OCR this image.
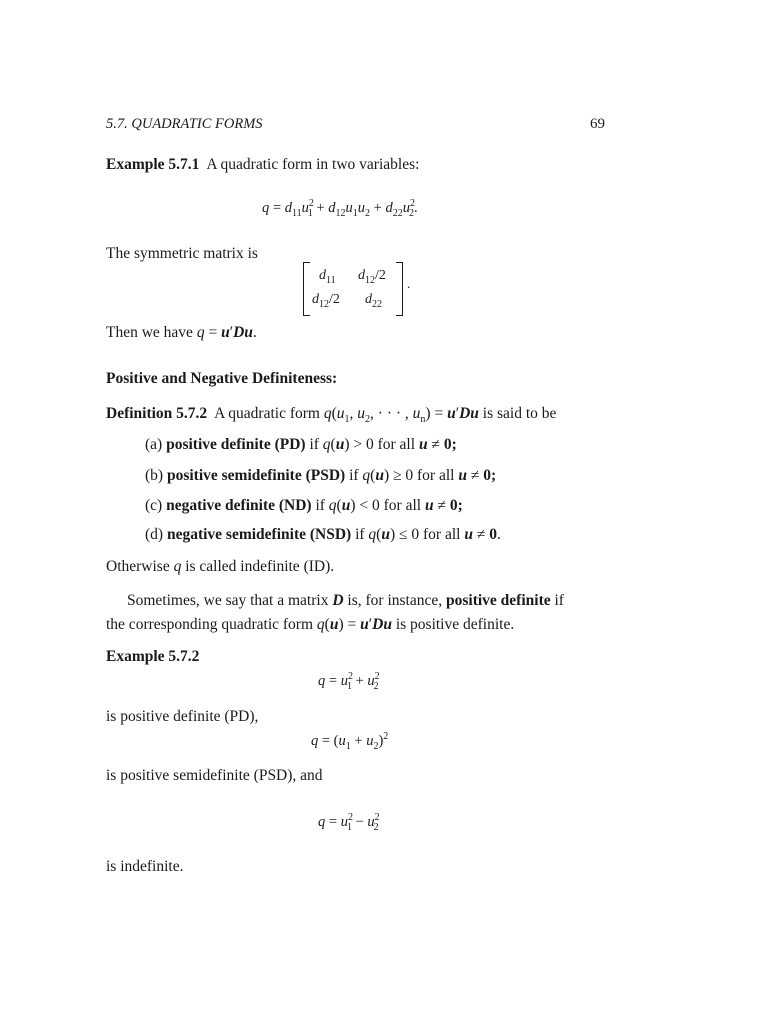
5.7. QUADRATIC FORMS	69
Example 5.7.1 A quadratic form in two variables:
$q = d_{11}u^2_1 + d_{12}u_1u_2 + d_{22}u^2_2$.
The symmetric matrix is
$d_{11}$ $d_{12}/2$
$d_{12}/2$ $d_{22}$
.
Then we have q = u′Du.
Positive and Negative Definiteness:
Definition 5.7.2 A quadratic form $q(u_1$, $u_2$, · · · , $u_n) = u'Du$ is said to be
(a) positive definite (PD) if q(u) > 0 for all u ≠ 0;
(b) positive semidefinite (PSD) if q(u) ≥ 0 for all u ≠ 0;
(c) negative definite (ND) if q(u) < 0 for all u ≠ 0;
(d) negative semidefinite (NSD) if q(u) ≤ 0 for all u ≠ 0.
Otherwise q is called indefinite (ID).
Sometimes, we say that a matrix D is, for instance, positive definite if
the corresponding quadratic form q(u) = u′Du is positive definite.
Example 5.7.2
$q = u^2_1 + u^2_2$
is positive definite (PD),
$q = (u_1 + u_2)^2$
is positive semidefinite (PSD), and
$q = u^2_1 - u^2_2$
is indefinite.
